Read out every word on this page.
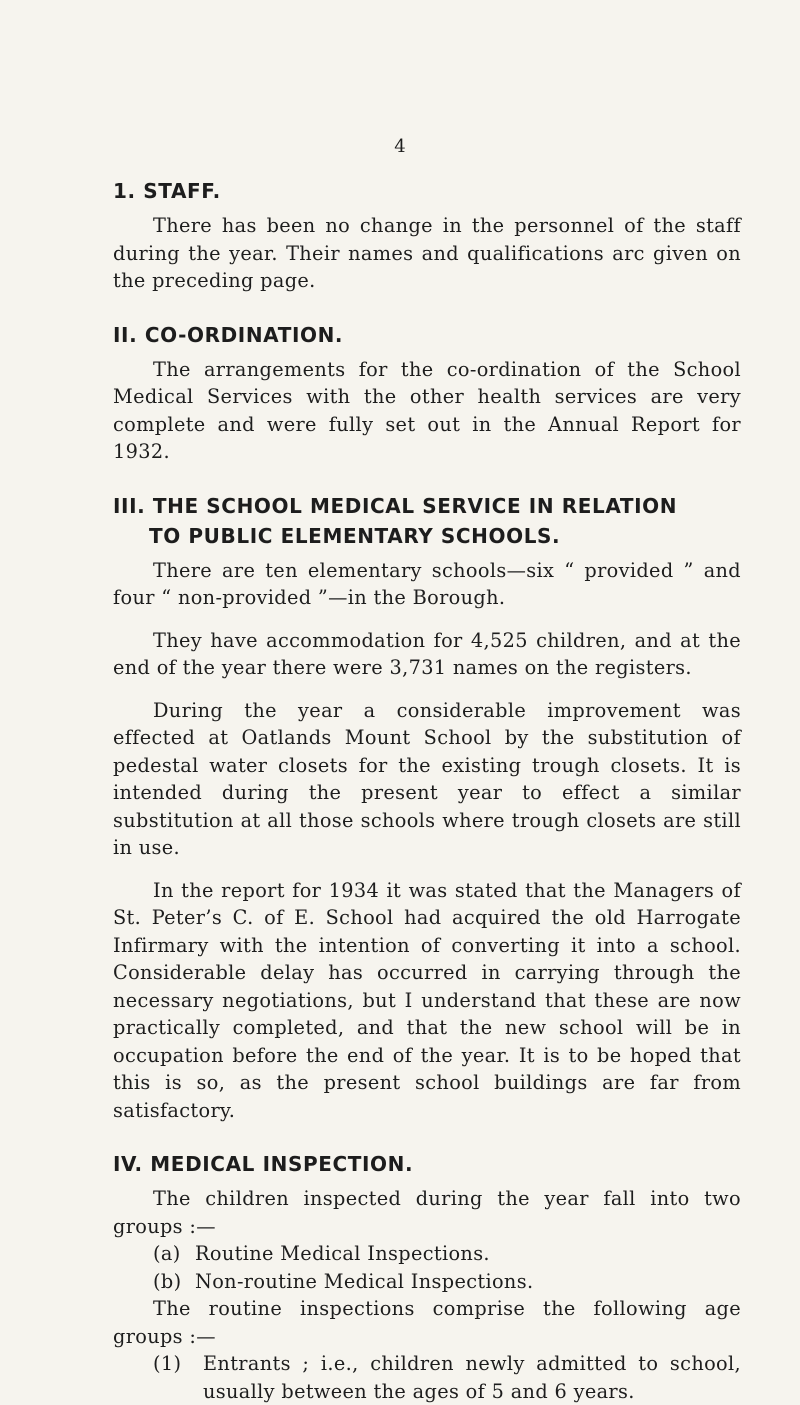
4
1. STAFF.

There has been no change in the personnel of the staff during the year. Their names and qualifications arc given on the preceding page.

II. CO-ORDINATION.

The arrangements for the co-ordination of the School Medical Services with the other health services are very complete and were fully set out in the Annual Report for 1932.

III. THE SCHOOL MEDICAL SERVICE IN RELATION
TO PUBLIC ELEMENTARY SCHOOLS.

There are ten elementary schools—six “ provided ” and four “ non-provided ”—in the Borough.

They have accommodation for 4,525 children, and at the end of the year there were 3,731 names on the registers.

During the year a considerable improvement was effected at Oatlands Mount School by the substitution of pedestal water closets for the existing trough closets. It is intended during the present year to effect a similar substitution at all those schools where trough closets are still in use.

In the report for 1934 it was stated that the Managers of St. Peter’s C. of E. School had acquired the old Harrogate Infirmary with the intention of converting it into a school. Considerable delay has occurred in carrying through the necessary negotiations, but I understand that these are now practically completed, and that the new school will be in occupation before the end of the year. It is to be hoped that this is so, as the present school buildings are far from satisfactory.

IV. MEDICAL INSPECTION.

The children inspected during the year fall into two groups :—

(a) Routine Medical Inspections.
(b) Non-routine Medical Inspections.

The routine inspections comprise the following age groups :—

(1)	Entrants ; i.e., children newly admitted to school, usually between the ages of 5 and 6 years.
